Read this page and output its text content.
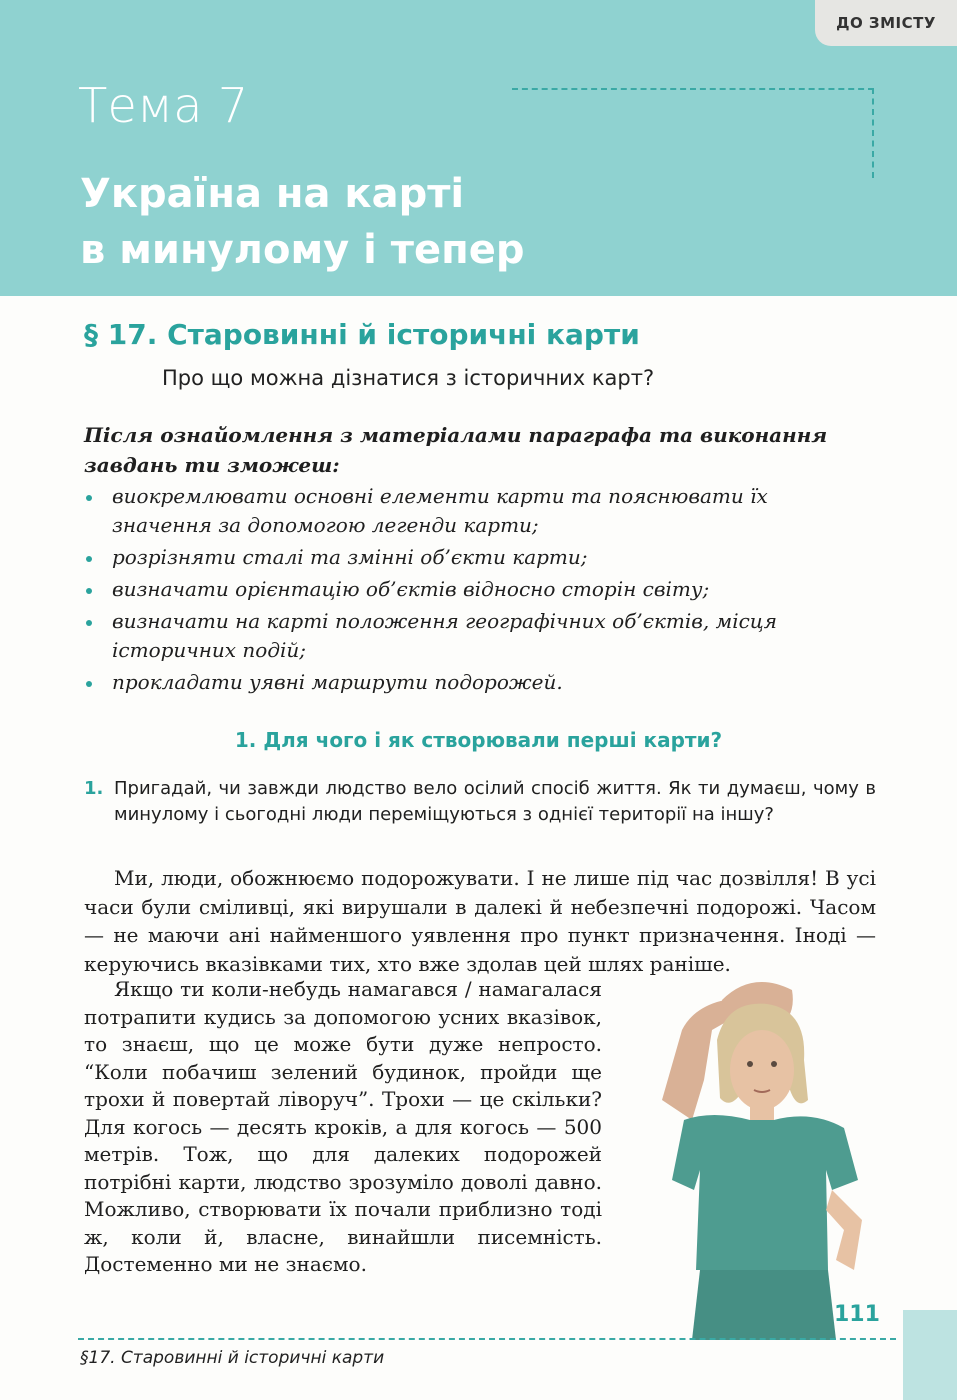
ДО ЗМІСТУ
Тема 7
Україна на карті
в минулому і тепер
§ 17. Старовинні й історичні карти
Про що можна дізнатися з історичних карт?
Після ознайомлення з матеріалами параграфа та виконання завдань ти зможеш:
виокремлювати основні елементи карти та пояснювати їх значення за допомогою легенди карти;
розрізняти сталі та змінні об’єкти карти;
визначати орієнтацію об’єктів відносно сторін світу;
визначати на карті положення географічних об’єктів, місця історичних подій;
прокладати уявні маршрути подорожей.
1. Для чого і як створювали перші карти?
1. Пригадай, чи завжди людство вело осілий спосіб життя. Як ти думаєш, чому в минулому і сьогодні люди переміщуються з однієї території на іншу?
Ми, люди, обожнюємо подорожувати. І не лише під час дозвілля! В усі часи були сміливці, які вирушали в далекі й небезпечні подорожі. Часом — не маючи ані найменшого уявлення про пункт призначення. Іноді — керуючись вказівками тих, хто вже здолав цей шлях раніше.
Якщо ти коли-небудь намагався / намагалася потрапити кудись за допомогою усних вказівок, то знаєш, що це може бути дуже непросто. “Коли побачиш зелений будинок, пройди ще трохи й повертай ліворуч”. Трохи — це скільки? Для когось — десять кроків, а для когось — 500 метрів. Тож, що для далеких подорожей потрібні карти, людство зрозуміло доволі давно. Можливо, створювати їх почали приблизно тоді ж, коли й, власне, винайшли писемність. Достеменно ми не знаємо.
111
§17. Старовинні й історичні карти
